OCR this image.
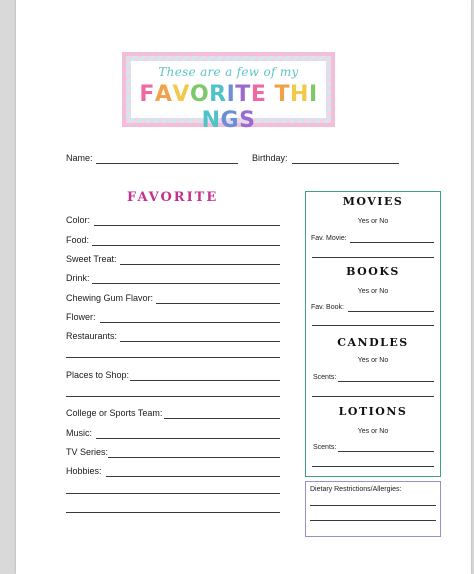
These are a few of my
FAVORITE THINGS
Name:	Birthday:
FAVORITE
Color:
Food:
Sweet Treat:
Drink:
Chewing Gum Flavor:
Flower:
Restaurants:
Places to Shop:
College or Sports Team:
Music:
TV Series:
Hobbies:
MOVIES
Yes or No
Fav. Movie:
BOOKS
Yes or No
Fav. Book:
CANDLES
Yes or No
Scents:
LOTIONS
Yes or No
Scents:
Dietary Restrictions/Allergies:
